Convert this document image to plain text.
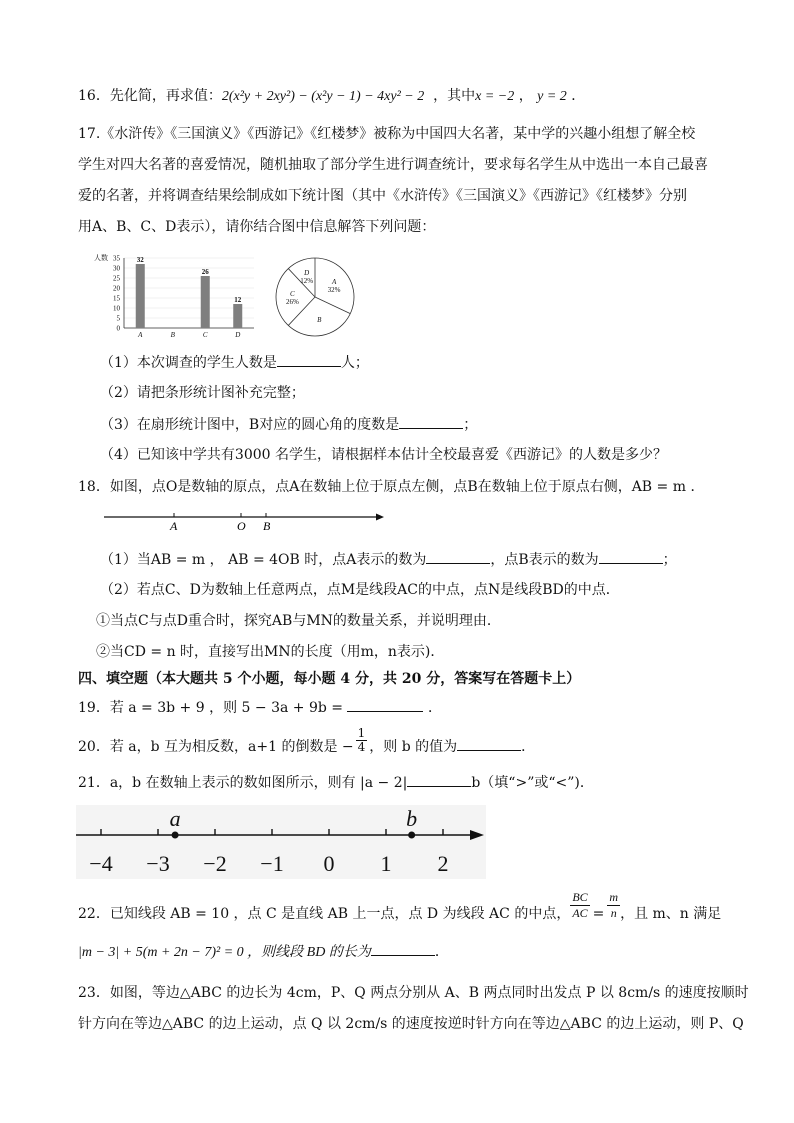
16．先化简，再求值：2(x²y + 2xy²) − (x²y − 1) − 4xy² − 2 ，其中x = −2 ， y = 2 ．
17.《水浒传》《三国演义》《西游记》《红楼梦》被称为中国四大名著，某中学的兴趣小组想了解全校
学生对四大名著的喜爱情况，随机抽取了部分学生进行调查统计，要求每名学生从中选出一本自己最喜
爱的名著，并将调查结果绘制成如下统计图（其中《水浒传》《三国演义》《西游记》《红楼梦》分别
用A、B、C、D表示），请你结合图中信息解答下列问题：
人数 35
30
25
20
15
10
5
0
32
A	B
26
C
12
D
A
32%
B
C
26%
D
12%
（1）本次调查的学生人数是	人；
（2）请把条形统计图补充完整；
（3）在扇形统计图中，B对应的圆心角的度数是	；
（4）已知该中学共有3000 名学生，请根据样本估计全校最喜爱《西游记》的人数是多少？
18．如图，点O是数轴的原点，点A在数轴上位于原点左侧，点B在数轴上位于原点右侧，AB = m ．
A	O B
（1）当AB = m ， AB = 4OB 时，点A表示的数为	，点B表示的数为	；
（2）若点C、D为数轴上任意两点，点M是线段AC的中点，点N是线段BD的中点．
①当点C与点D重合时，探究AB与MN的数量关系，并说明理由．
②当CD = n 时，直接写出MN的长度（用m，n表示)．
四、填空题（本大题共 5 个小题，每小题 4 分，共 20 分，答案写在答题卡上）
19．若 a = 3b + 9 ，则 5 − 3a + 9b =	．
20．若 a，b 互为相反数，a+1 的倒数是 − $\frac{1}{4}$ ，则 b 的值为	．
21．a，b 在数轴上表示的数如图所示，则有 |a − 2|	b（填“>”或“<”)．
−4 −3 −2 −1 0 1 2
a	b
22．已知线段 AB = 10 ，点 C 是直线 AB 上一点，点 D 为线段 AC 的中点， $\frac{BC}{AC} = \frac{m}{n}$ ，且 m、n 满足
|m − 3| + 5(m + 2n − 7)² = 0 ，则线段 BD 的长为	．
23．如图，等边△ABC 的边长为 4cm，P、Q 两点分别从 A、B 两点同时出发点 P 以 8cm/s 的速度按顺时
针方向在等边△ABC 的边上运动，点 Q 以 2cm/s 的速度按逆时针方向在等边△ABC 的边上运动，则 P、Q
